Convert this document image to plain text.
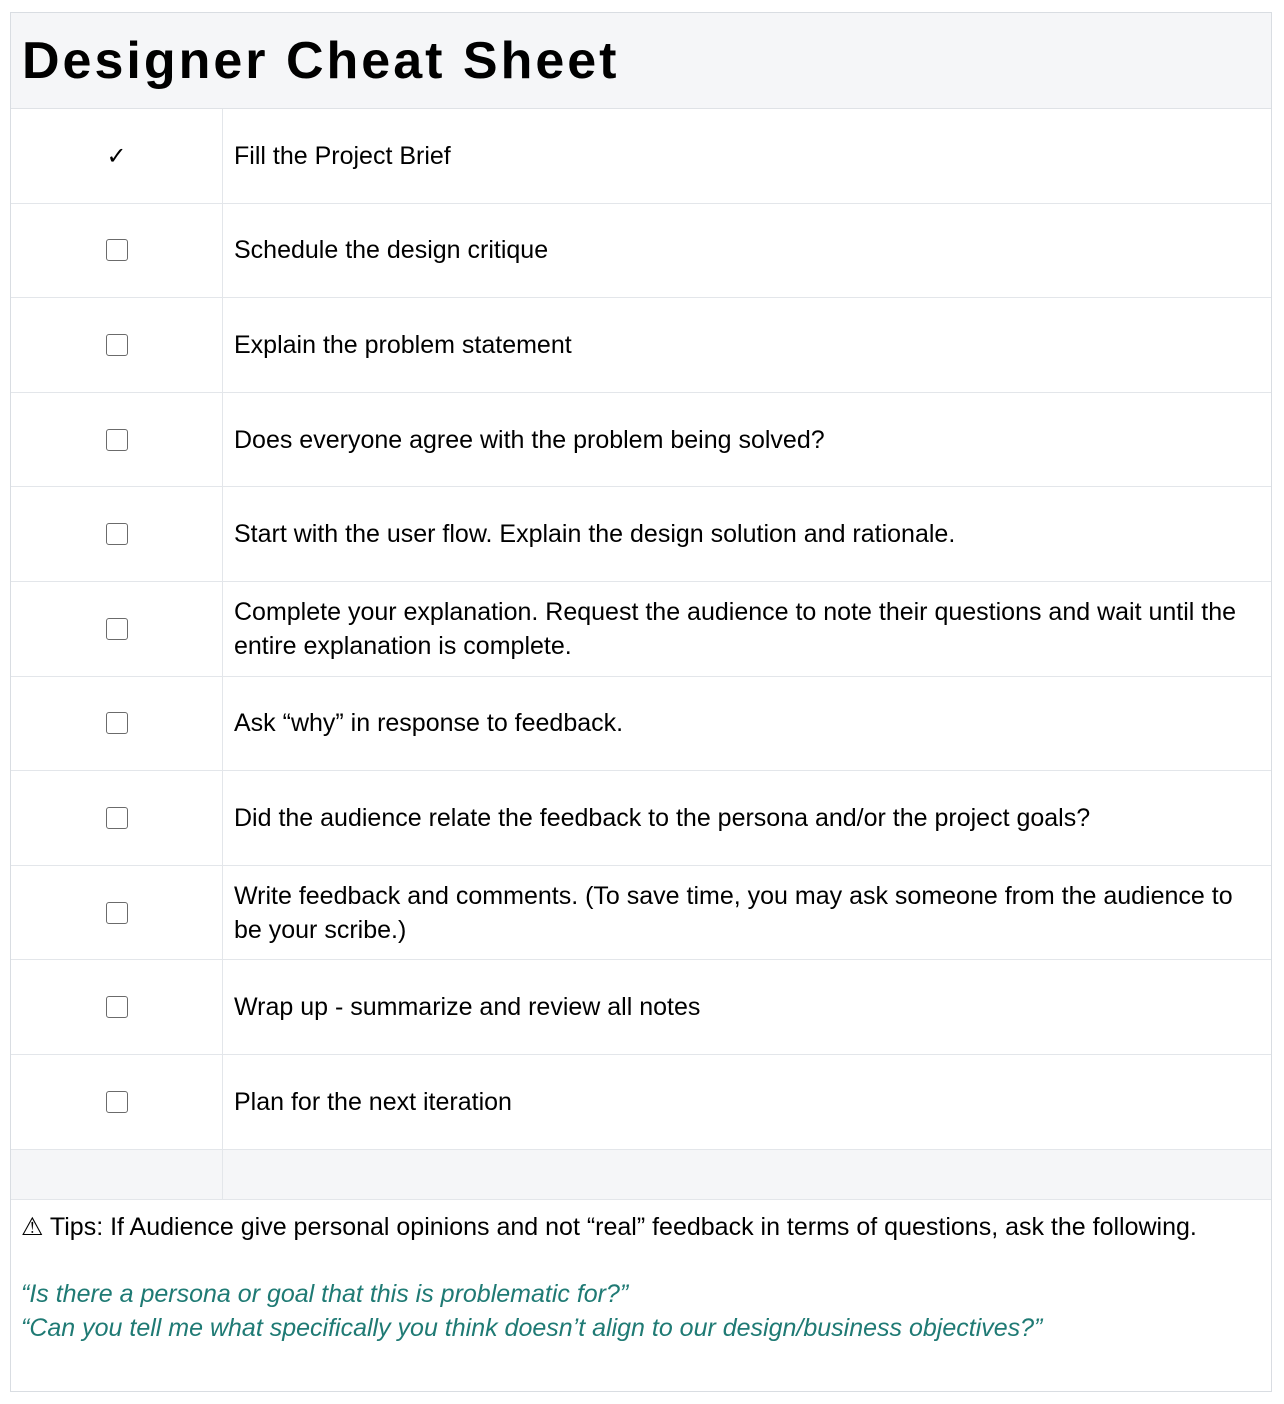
Designer Cheat Sheet
✓	Fill the Project Brief
Schedule the design critique
Explain the problem statement
Does everyone agree with the problem being solved?
Start with the user flow. Explain the design solution and rationale.
Complete your explanation. Request the audience to note their questions and wait until the entire explanation is complete.
Ask “why” in response to feedback.
Did the audience relate the feedback to the persona and/or the project goals?
Write feedback and comments. (To save time, you may ask someone from the audience to be your scribe.)
Wrap up - summarize and review all notes
Plan for the next iteration

⚠ Tips: If Audience give personal opinions and not “real” feedback in terms of questions, ask the following.

“Is there a persona or goal that this is problematic for?”

“Can you tell me what specifically you think doesn’t align to our design/business objectives?”
